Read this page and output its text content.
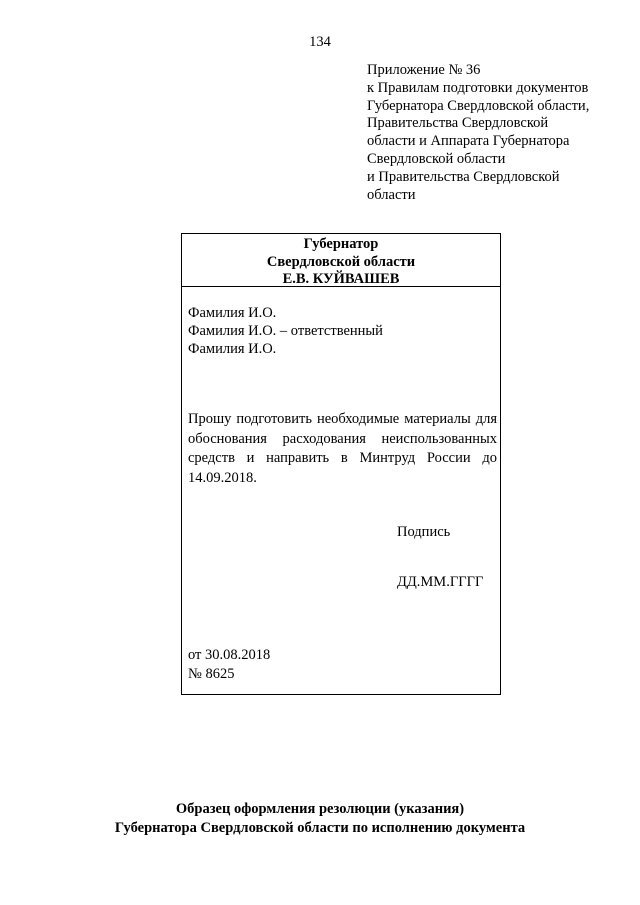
134
Приложение № 36
к Правилам подготовки документов
Губернатора Свердловской области,
Правительства Свердловской
области и Аппарата Губернатора
Свердловской области
и Правительства Свердловской
области
Губернатор
Свердловской области
Е.В. КУЙВАШЕВ
Фамилия И.О.
Фамилия И.О. – ответственный
Фамилия И.О.
Прошу подготовить необходимые материалы для обоснования расходования неиспользованных средств и направить в Минтруд России до 14.09.2018.
Подпись
ДД.ММ.ГГГГ
от 30.08.2018
№ 8625
Образец оформления резолюции (указания)
Губернатора Свердловской области по исполнению документа
